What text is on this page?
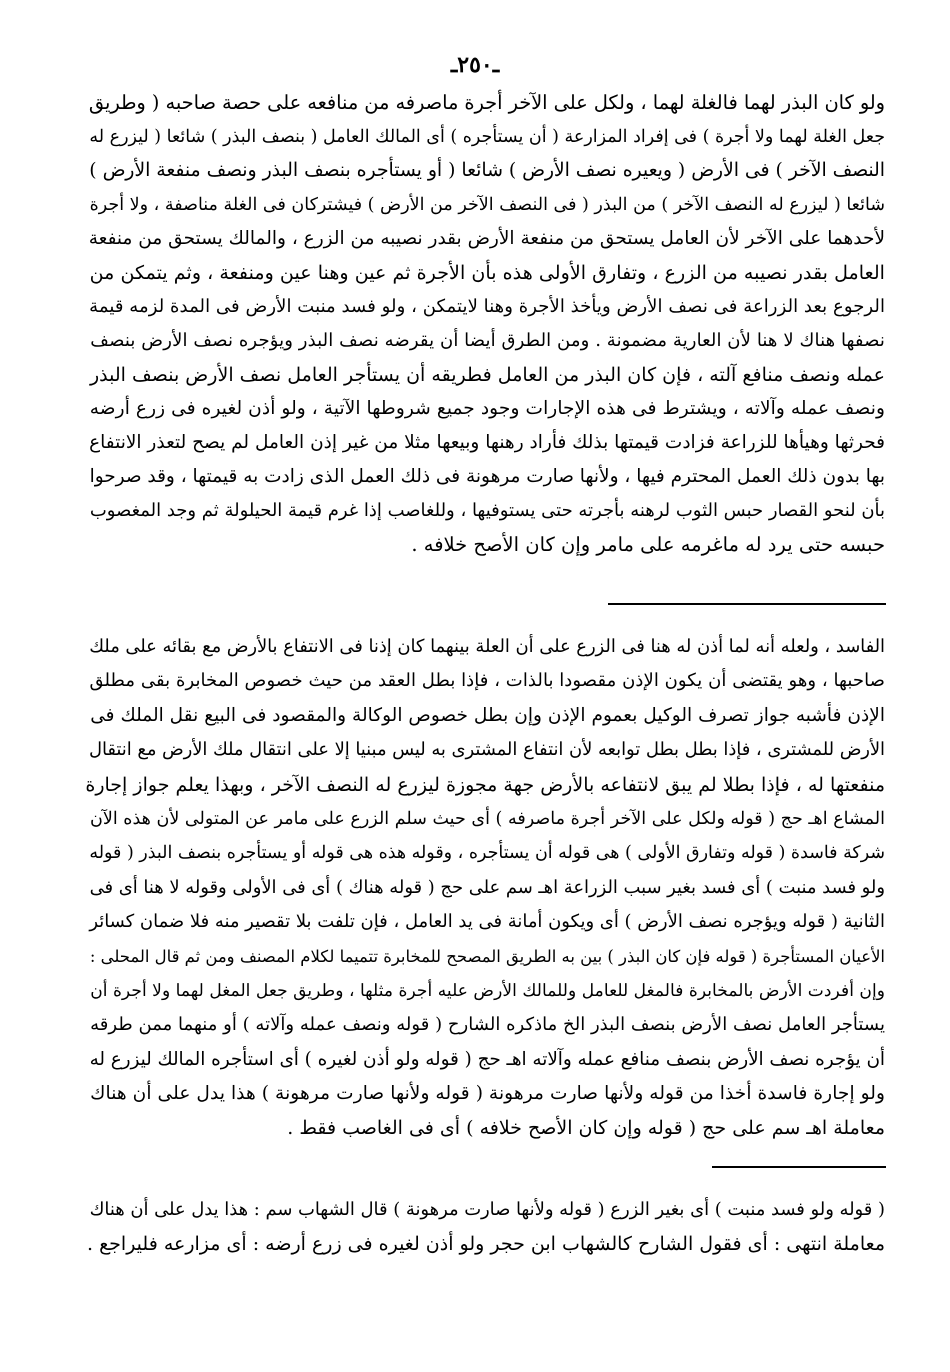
ـ٢٥٠ـ
ولو كان البذر لهما فالغلة لهما ، ولكل على الآخر أجرة ماصرفه من منافعه على حصة صاحبه ( وطريق
جعل الغلة لهما ولا أجرة ) فى إفراد المزارعة ( أن يستأجره ) أى المالك العامل ( بنصف البذر ) شائعا ( ليزرع له
النصف الآخر ) فى الأرض ( ويعيره نصف الأرض ) شائعا ( أو يستأجره بنصف البذر ونصف منفعة الأرض )
شائعا ( ليزرع له النصف الآخر ) من البذر ( فى النصف الآخر من الأرض ) فيشتركان فى الغلة مناصفة ، ولا أجرة
لأحدهما على الآخر لأن العامل يستحق من منفعة الأرض بقدر نصيبه من الزرع ، والمالك يستحق من منفعة
العامل بقدر نصيبه من الزرع ، وتفارق الأولى هذه بأن الأجرة ثم عين وهنا عين ومنفعة ، وثم يتمكن من
الرجوع بعد الزراعة فى نصف الأرض ويأخذ الأجرة وهنا لايتمكن ، ولو فسد منبت الأرض فى المدة لزمه قيمة
نصفها هناك لا هنا لأن العارية مضمونة . ومن الطرق أيضا أن يقرضه نصف البذر ويؤجره نصف الأرض بنصف
عمله ونصف منافع آلته ، فإن كان البذر من العامل فطريقه أن يستأجر العامل نصف الأرض بنصف البذر
ونصف عمله وآلاته ، ويشترط فى هذه الإجارات وجود جميع شروطها الآتية ، ولو أذن لغيره فى زرع أرضه
فحرثها وهيأها للزراعة فزادت قيمتها بذلك فأراد رهنها وبيعها مثلا من غير إذن العامل لم يصح لتعذر الانتفاع
بها بدون ذلك العمل المحترم فيها ، ولأنها صارت مرهونة فى ذلك العمل الذى زادت به قيمتها ، وقد صرحوا
بأن لنحو القصار حبس الثوب لرهنه بأجرته حتى يستوفيها ، وللغاصب إذا غرم قيمة الحيلولة ثم وجد المغصوب
حبسه حتى يرد له ماغرمه على مامر وإن كان الأصح خلافه .
الفاسد ، ولعله أنه لما أذن له هنا فى الزرع على أن العلة بينهما كان إذنا فى الانتفاع بالأرض مع بقائه على ملك
صاحبها ، وهو يقتضى أن يكون الإذن مقصودا بالذات ، فإذا بطل العقد من حيث خصوص المخابرة بقى مطلق
الإذن فأشبه جواز تصرف الوكيل بعموم الإذن وإن بطل خصوص الوكالة والمقصود فى البيع نقل الملك فى
الأرض للمشترى ، فإذا بطل بطل توابعه لأن انتفاع المشترى به ليس مبنيا إلا على انتقال ملك الأرض مع انتقال
منفعتها له ، فإذا بطلا لم يبق لانتفاعه بالأرض جهة مجوزة ليزرع له النصف الآخر ، وبهذا يعلم جواز إجارة
المشاع اهـ حج ( قوله ولكل على الآخر أجرة ماصرفه ) أى حيث سلم الزرع على مامر عن المتولى لأن هذه الآن
شركة فاسدة ( قوله وتفارق الأولى ) هى قوله أن يستأجره ، وقوله هذه هى قوله أو يستأجره بنصف البذر ( قوله
ولو فسد منبت ) أى فسد بغير سبب الزراعة اهـ سم على حج ( قوله هناك ) أى فى الأولى وقوله لا هنا أى فى
الثانية ( قوله ويؤجره نصف الأرض ) أى ويكون أمانة فى يد العامل ، فإن تلفت بلا تقصير منه فلا ضمان كسائر
الأعيان المستأجرة ( قوله فإن كان البذر ) بين به الطريق المصحح للمخابرة تتميما لكلام المصنف ومن ثم قال المحلى :
وإن أفردت الأرض بالمخابرة فالمغل للعامل وللمالك الأرض عليه أجرة مثلها ، وطريق جعل المغل لهما ولا أجرة أن
يستأجر العامل نصف الأرض بنصف البذر الخ ماذكره الشارح ( قوله ونصف عمله وآلاته ) أو منهما ممن طرقه
أن يؤجره نصف الأرض بنصف منافع عمله وآلاته اهـ حج ( قوله ولو أذن لغيره ) أى استأجره المالك ليزرع له
ولو إجارة فاسدة أخذا من قوله ولأنها صارت مرهونة ( قوله ولأنها صارت مرهونة ) هذا يدل على أن هناك
معاملة اهـ سم على حج ( قوله وإن كان الأصح خلافه ) أى فى الغاصب فقط .
( قوله ولو فسد منبت ) أى بغير الزرع ( قوله ولأنها صارت مرهونة ) قال الشهاب سم : هذا يدل على أن هناك
معاملة انتهى : أى فقول الشارح كالشهاب ابن حجر ولو أذن لغيره فى زرع أرضه : أى مزارعه فليراجع .
